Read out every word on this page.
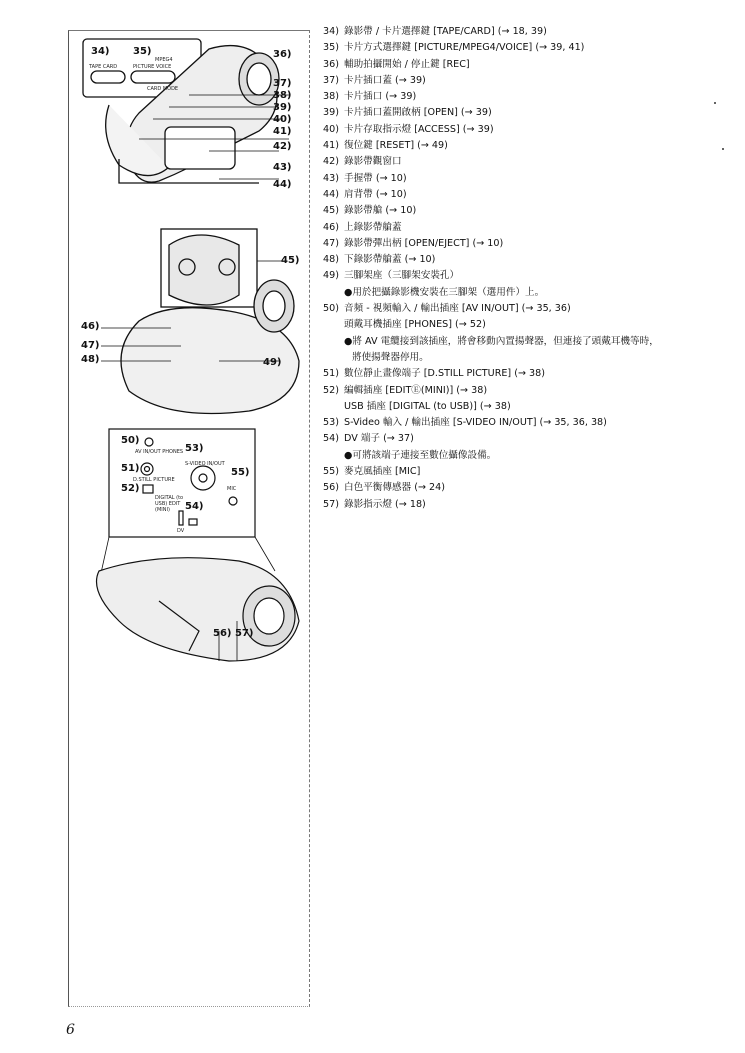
34) 35)	36)
37)
38)
39)
40)
41)
42)
43)
44)
MPEG4
TAPE CARD	PICTURE VOICE
CARD MODE
45)
46)
47)
48)	49)
50)
51)
52)
53)
54)
55)
56) 57)
AV IN/OUT PHONES
D.STILL PICTURE
S-VIDEO IN/OUT
MIC
DIGITAL (to USB) EDIT (MINI)
DV
34) 錄影帶 / 卡片選擇鍵 [TAPE/CARD] (→ 18, 39)
35) 卡片方式選擇鍵 [PICTURE/MPEG4/VOICE] (→ 39, 41)
36) 輔助拍攝開始 / 停止鍵 [REC]
37) 卡片插口蓋 (→ 39)
38) 卡片插口 (→ 39)
39) 卡片插口蓋開啟柄 [OPEN] (→ 39)
40) 卡片存取指示燈 [ACCESS] (→ 39)
41) 復位鍵 [RESET] (→ 49)
42) 錄影帶觀窗口
43) 手握帶 (→ 10)
44) 肩背帶 (→ 10)
45) 錄影帶艙 (→ 10)
46) 上錄影帶艙蓋
47) 錄影帶彈出柄 [OPEN/EJECT] (→ 10)
48) 下錄影帶艙蓋 (→ 10)
49) 三腳架座（三腳架安裝孔）
●用於把攝錄影機安裝在三腳架（選用件）上。
50) 音頻 - 視頻輸入 / 輸出插座 [AV IN/OUT] (→ 35, 36)
頭戴耳機插座 [PHONES] (→ 52)
●將 AV 電纜接到該插座，將會移動內置揚聲器，但連接了頭戴耳機等時，
將使揚聲器停用。
51) 數位靜止畫像端子 [D.STILL PICTURE] (→ 38)
52) 編輯插座 [EDITⒺ(MINI)] (→ 38)
USB 插座 [DIGITAL (to USB)] (→ 38)
53) S-Video 輸入 / 輸出插座 [S-VIDEO IN/OUT] (→ 35, 36, 38)
54) DV 端子 (→ 37)
●可將該端子連接至數位攝像設備。
55) 麥克風插座 [MIC]
56) 白色平衡傳感器 (→ 24)
57) 錄影指示燈 (→ 18)
6
